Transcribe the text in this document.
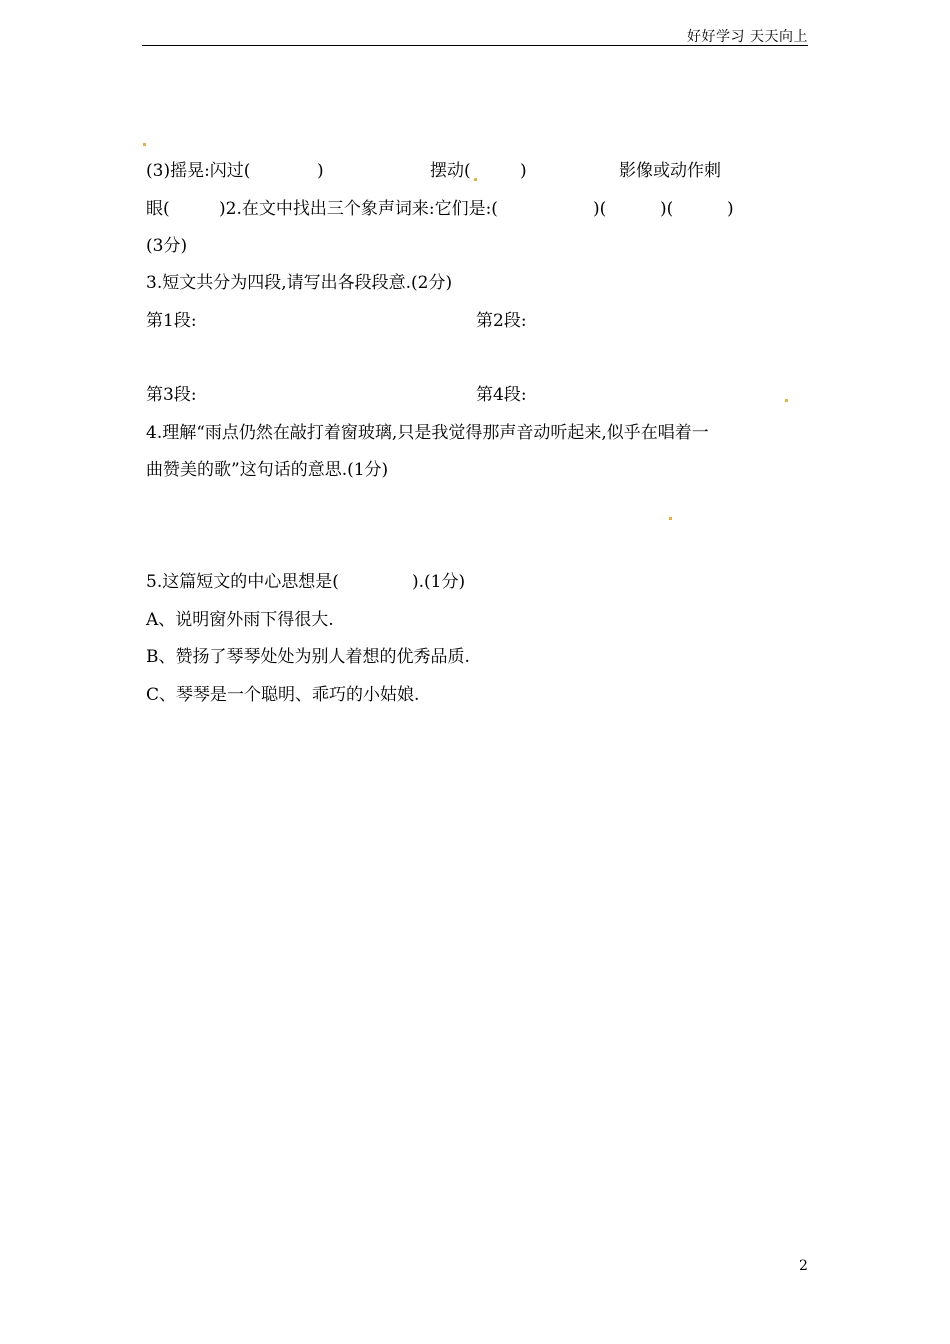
好好学习 天天向上
(3)摇晃:闪过(	)	摆动(	)	影像或动作刺
眼(	)2.在文中找出三个象声词来:它们是:(	)(	)(	)
(3分)
3.短文共分为四段,请写出各段段意.(2分)
第1段:	第2段:
第3段:	第4段:
4.理解“雨点仍然在敲打着窗玻璃,只是我觉得那声音动听起来,似乎在唱着一
曲赞美的歌”这句话的意思.(1分)
5.这篇短文的中心思想是(	).(1分)
A、说明窗外雨下得很大.
B、赞扬了琴琴处处为别人着想的优秀品质.
C、琴琴是一个聪明、乖巧的小姑娘.
2
